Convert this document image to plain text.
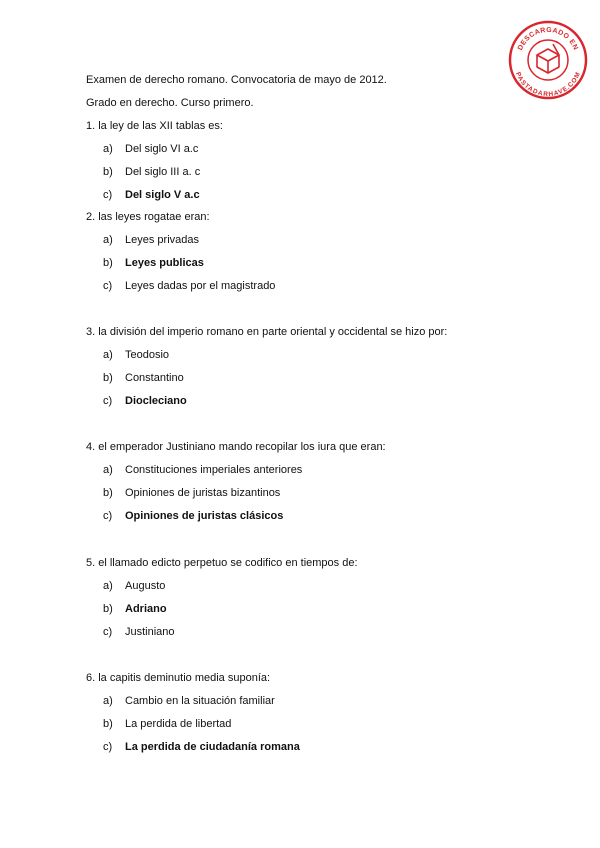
DESCARGADO EN
PASTADARHAVE.COM
Examen de derecho romano. Convocatoria de mayo de 2012.
Grado en derecho. Curso primero.
1. la ley de las XII tablas es:
a) Del siglo VI a.c
b) Del siglo III a. c
c) Del siglo V a.c
2. las leyes rogatae eran:
a) Leyes privadas
b) Leyes publicas
c) Leyes dadas por el magistrado
3. la división del imperio romano en parte oriental y occidental se hizo por:
a) Teodosio
b) Constantino
c) Diocleciano
4. el emperador Justiniano mando recopilar los iura que eran:
a) Constituciones imperiales anteriores
b) Opiniones de juristas bizantinos
c) Opiniones de juristas clásicos
5. el llamado edicto perpetuo se codifico en tiempos de:
a) Augusto
b) Adriano
c) Justiniano
6. la capitis deminutio media suponía:
a) Cambio en la situación familiar
b) La perdida de libertad
c) La perdida de ciudadanía romana
